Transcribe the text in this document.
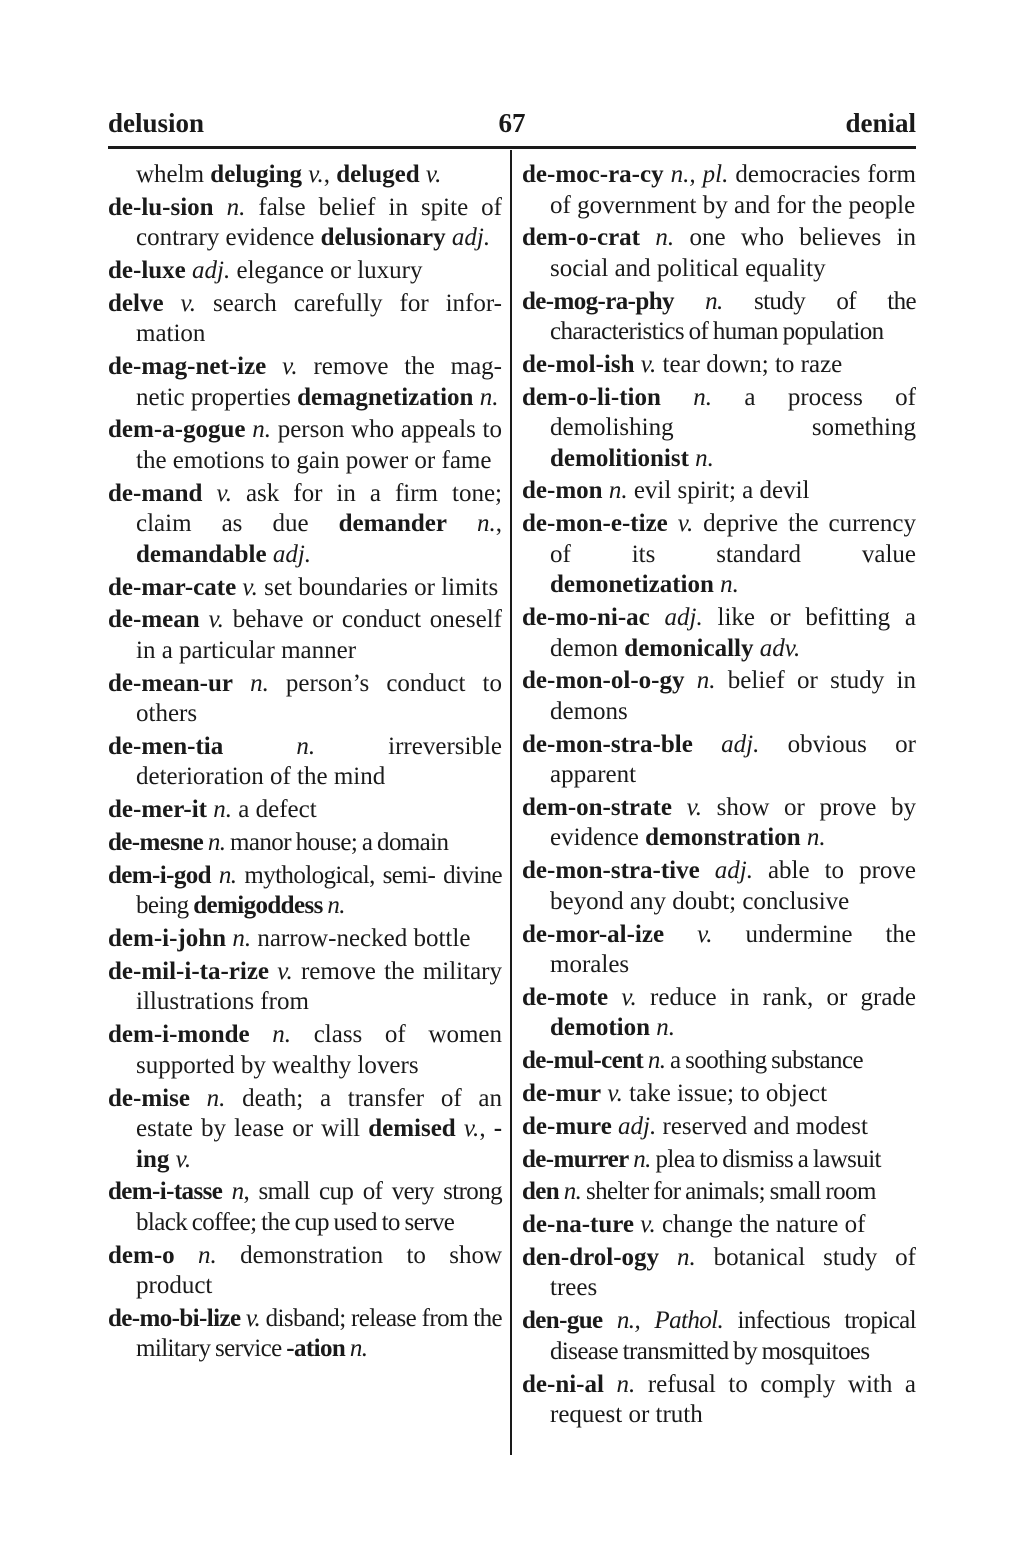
delusion	67	denial

whelm deluging v., deluged v.

de-lu-sion n. false belief in spite of contrary evidence delusionary adj.

de-luxe adj. elegance or luxury

delve v. search carefully for infor- mation

de-mag-net-ize v. remove the mag- netic properties demagnetization n.

dem-a-gogue n. person who appeals to the emotions to gain power or fame

de-mand v. ask for in a firm tone; claim as due demander n., demandable adj.

de-mar-cate v. set boundaries or limits

de-mean v. behave or conduct oneself in a particular manner

de-mean-ur n. person’s conduct to others

de-men-tia	n. irreversible deterioration of the mind

de-mer-it n. a defect

de-mesne n. manor house; a domain

dem-i-god n. mythological, semi- divine being demigoddess n.

dem-i-john n. narrow-necked bottle

de-mil-i-ta-rize v. remove the military illustrations from

dem-i-monde n. class of women supported by wealthy lovers

de-mise n. death; a transfer of an estate by lease or will demised v., -ing v.

dem-i-tasse n, small cup of very strong black coffee; the cup used to serve

dem-o n. demonstration to show product

de-mo-bi-lize v. disband; release from the military service -ation n.

de-moc-ra-cy n., pl. democracies form of government by and for the people

dem-o-crat n. one who believes in social and political equality

de-mog-ra-phy n. study of the characteristics of human population

de-mol-ish v. tear down; to raze

dem-o-li-tion n. a process of demolishing something demolitionist n.

de-mon n. evil spirit; a devil

de-mon-e-tize v. deprive the currency of its standard value demonetization n.

de-mo-ni-ac adj. like or befitting a demon demonically adv.

de-mon-ol-o-gy n. belief or study in demons

de-mon-stra-ble adj. obvious or apparent

dem-on-strate v. show or prove by evidence demonstration n.

de-mon-stra-tive adj. able to prove beyond any doubt; conclusive

de-mor-al-ize v. undermine the morales

de-mote v. reduce in rank, or grade demotion n.

de-mul-cent n. a soothing substance

de-mur v. take issue; to object

de-mure adj. reserved and modest

de-murrer n. plea to dismiss a lawsuit

den n. shelter for animals; small room

de-na-ture v. change the nature of

den-drol-ogy n. botanical study of trees

den-gue n., Pathol. infectious tropical disease transmitted by mosquitoes

de-ni-al n. refusal to comply with a request or truth
